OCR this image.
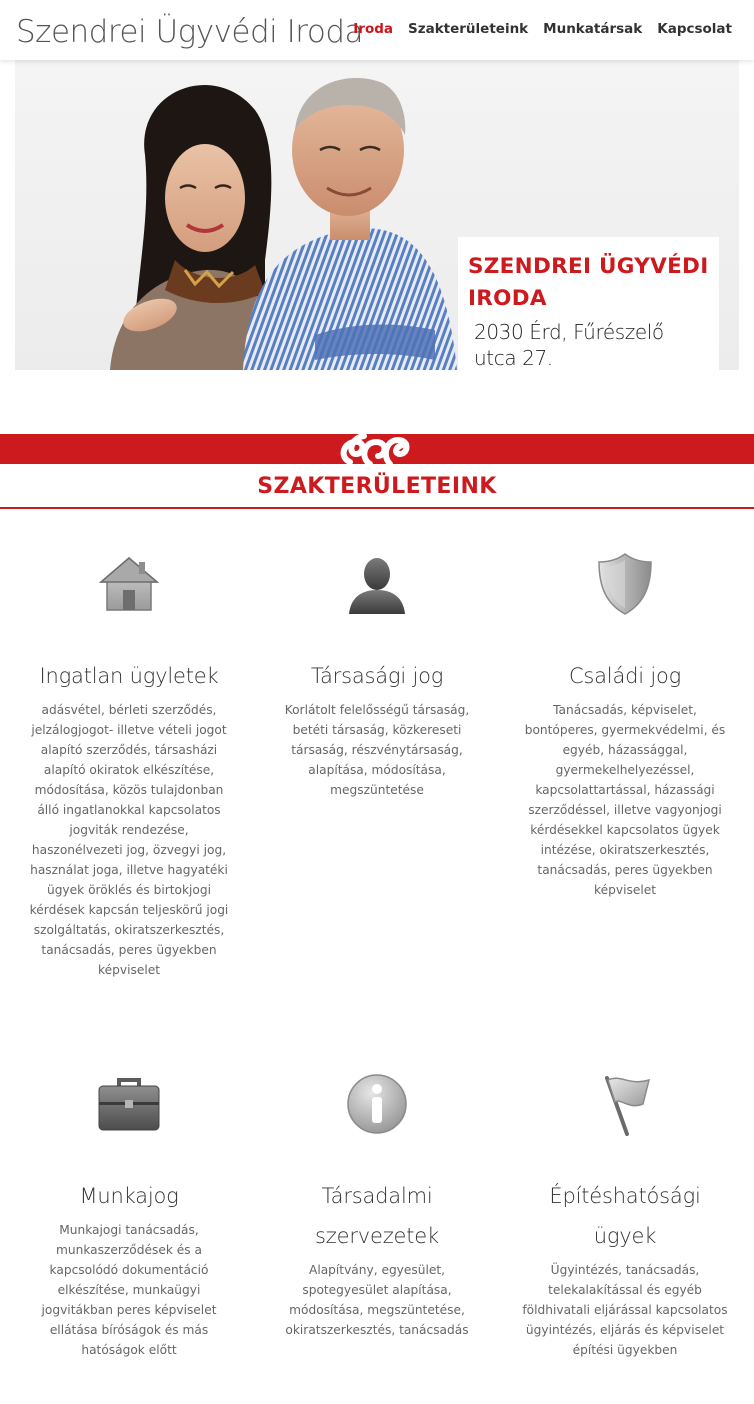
Szendrei Ügyvédi Iroda
Iroda Szakterületeink Munkatársak Kapcsolat
SZENDREI ÜGYVÉDI IRODA
2030 Érd, Fűrészelő utca 27.
SZAKTERÜLETEINK
Ingatlan ügyletek
adásvétel, bérleti szerződés, jelzálogjogot- illetve vételi jogot alapító szerződés, társasházi alapító okiratok elkészítése, módosítása, közös tulajdonban álló ingatlanokkal kapcsolatos jogviták rendezése, haszonélvezeti jog, özvegyi jog, használat joga, illetve hagyatéki ügyek öröklés és birtokjogi kérdések kapcsán teljeskörű jogi szolgáltatás, okiratszerkesztés, tanácsadás, peres ügyekben képviselet
Társasági jog
Korlátolt felelősségű társaság, betéti társaság, közkereseti társaság, részvénytársaság, alapítása, módosítása, megszüntetése
Családi jog
Tanácsadás, képviselet, bontóperes, gyermekvédelmi, és egyéb, házassággal, gyermekelhelyezéssel, kapcsolattartással, házassági szerződéssel, illetve vagyonjogi kérdésekkel kapcsolatos ügyek intézése, okiratszerkesztés, tanácsadás, peres ügyekben képviselet
Munkajog
Munkajogi tanácsadás, munkaszerződések és a kapcsolódó dokumentáció elkészítése, munkaügyi jogvitákban peres képviselet ellátása bíróságok és más hatóságok előtt
Társadalmi szervezetek
Alapítvány, egyesület, spotegyesület alapítása, módosítása, megszüntetése, okiratszerkesztés, tanácsadás
Építéshatósági ügyek
Ügyintézés, tanácsadás, telekalakítással és egyéb földhivatali eljárással kapcsolatos ügyintézés, eljárás és képviselet építési ügyekben
